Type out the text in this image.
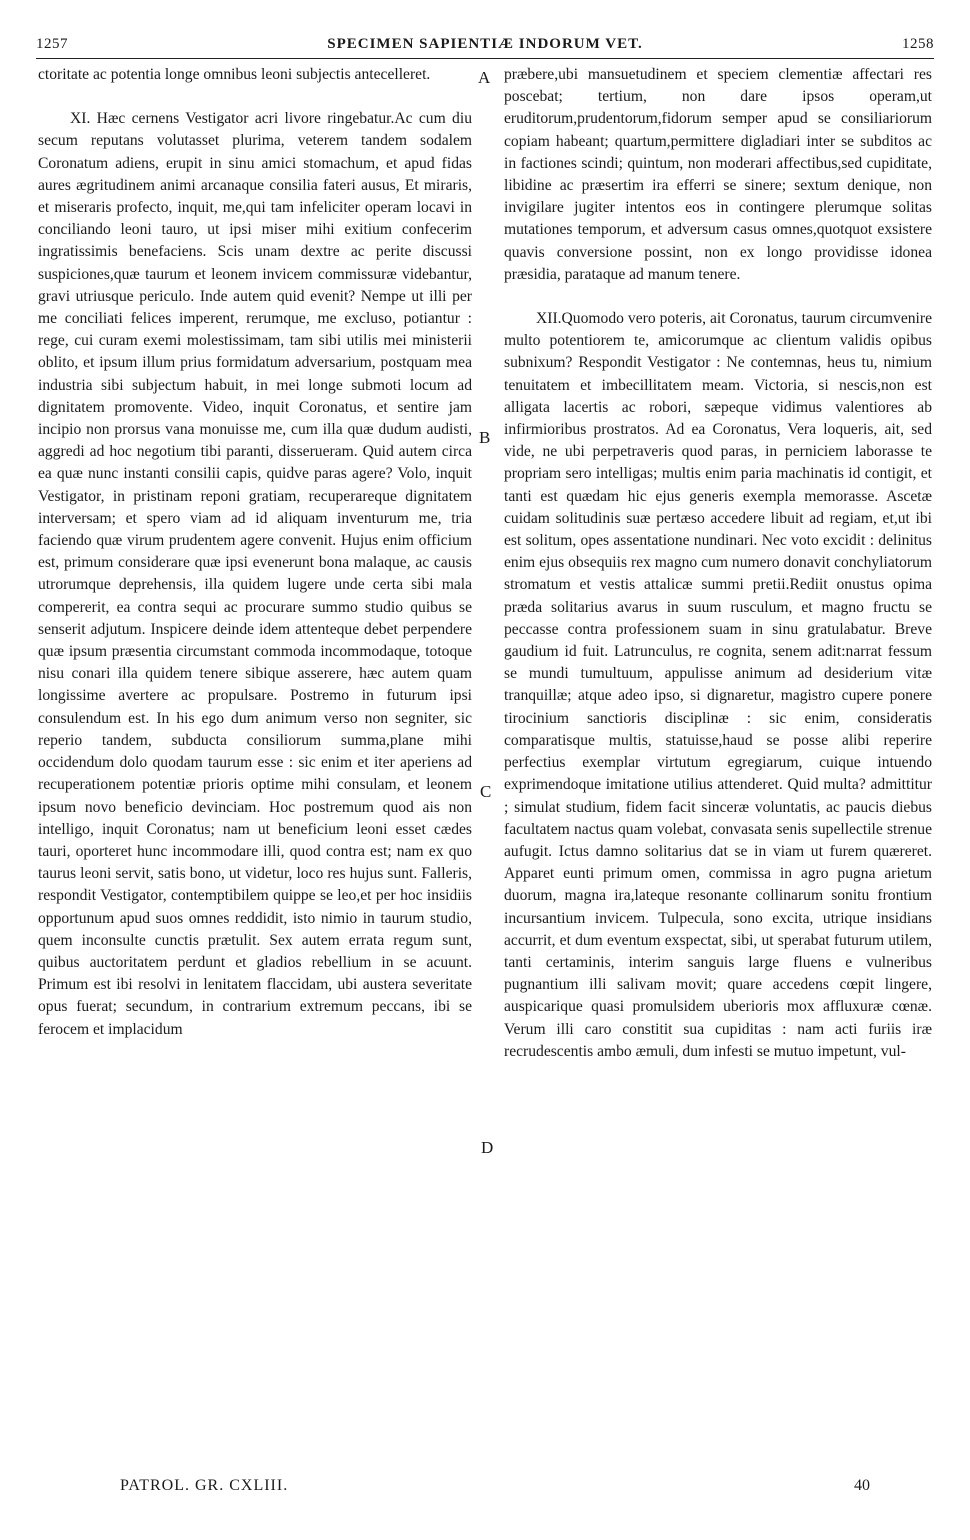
1257	SPECIMEN SAPIENTIÆ INDORUM VET.	1258

ctoritate ac potentia longe omnibus leoni subjectis antecelleret.

XI. Hæc cernens Vestigator acri livore ringebatur.Ac cum diu secum reputans volutasset plurima, veterem tandem sodalem Coronatum adiens, erupit in sinu amici stomachum, et apud fidas aures ægritudinem animi arcanaque consilia fateri ausus, Et miraris, et miseraris profecto, inquit, me,qui tam infeliciter operam locavi in conciliando leoni tauro, ut ipsi miser mihi exitium confecerim ingratissimis benefaciens. Scis unam dextre ac perite discussi suspiciones,quæ taurum et leonem invicem commissuræ videbantur, gravi utriusque periculo. Inde autem quid evenit? Nempe ut illi per me conciliati felices imperent, rerumque, me exclusо, potiantur : rege, cui curam exemi molestissimam, tam sibi utilis mei ministerii oblito, et ipsum illum prius formidatum adversarium, postquam mea industria sibi subjectum habuit, in mei longe submoti locum ad dignitatem promovente. Video, inquit Coronatus, et sentire jam incipio non prorsus vana monuisse me, cum illa quæ dudum audisti, aggredi ad hoc negotium tibi paranti, disserueram. Quid autem circa ea quæ nunc instanti consilii capis, quidve paras agere? Volo, inquit Vestigator, in pristinam reponi gratiam, recuperareque dignitatem interversam; et spero viam ad id aliquam inventurum me, tria faciendo quæ virum prudentem agere convenit. Hujus enim officium est, primum considerare quæ ipsi evenerunt bona malaque, ac causis utrorumque deprehensis, illa quidem lugere unde certa sibi mala compererit, ea contra sequi ac procurare summo studio quibus se senserit adjutum. Inspicere deinde idem attenteque debet perpendere quæ ipsum præsentia circumstant commoda incommodaque, totoque nisu conari illa quidem tenere sibique asserere, hæc autem quam longissime avertere ac propulsare. Postremo in futurum ipsi consulendum est. In his ego dum animum verso non segniter, sic reperio tandem, subducta consiliorum summa,plane mihi occidendum dolo quodam taurum esse : sic enim et iter aperiens ad recuperationem potentiæ prioris optime mihi consulam, et leonem ipsum novo beneficio devinciam. Hoc postremum quod ais non intelligo, inquit Coronatus; nam ut beneficium leoni esset cædes tauri, oporteret hunc incommodare illi, quod contra est; nam ex quo taurus leoni servit, satis bono, ut videtur, loco res hujus sunt. Falleris, respondit Vestigator, contemptibilem quippe se leo,et per hoc insidiis opportunum apud suos omnes reddidit, isto nimio in taurum studio, quem inconsulte cunctis prætulit. Sex autem errata regum sunt, quibus auctoritatem perdunt et gladios rebellium in se acuunt. Primum est ibi resolvi in lenitatem flaccidam, ubi austera severitate opus fuerat; secundum, in contrarium extremum peccans, ibi se ferocem et implacidum

præbere,ubi mansuetudinem et speciem clementiæ affectari res poscebat; tertium, non dare ipsos operam,ut eruditorum,prudentorum,fidorum semper apud se consiliariorum copiam habeant; quartum,permittere digladiari inter se subditos ac in factiones scindi; quintum, non moderari affectibus,sed cupiditate, libidine ac præsertim ira efferri se sinere; sextum denique, non invigilare jugiter intentos eos in contingere plerumque solitas mutationes temporum, et adversum casus omnes,quotquot exsistere quavis conversione possint, non ex longo providisse idonea præsidia, parataque ad manum tenere.

XII.Quomodo vero poteris, ait Coronatus, taurum circumvenire multo potentiorem te, amicorumque ac clientum validis opibus subnixum? Respondit Vestigator : Ne contemnas, heus tu, nimium tenuitatem et imbecillitatem meam. Victoria, si nescis,non est alligata lacertis ac robori, sæpeque vidimus valentiores ab infirmioribus prostratos. Ad ea Coronatus, Vera loqueris, ait, sed vide, ne ubi perpetraveris quod paras, in perniciem laborasse te propriam sero intelligas; multis enim paria machinatis id contigit, et tanti est quædam hic ejus generis exempla memorasse. Ascetæ cuidam solitudinis suæ pertæso accedere libuit ad regiam, et,ut ibi est solitum, opes assentatione nundinari. Nec voto excidit : delinitus enim ejus obsequiis rex magno cum numero donavit conchyliatorum stromatum et vestis attalicæ summi pretii.Rediit onustus opima præda solitarius avarus in suum rusculum, et magno fructu se peccasse contra professionem suam in sinu gratulabatur. Breve gaudium id fuit. Latrunculus, re cognita, senem adit:narrat fessum se mundi tumultuum, appulisse animum ad desiderium vitæ tranquillæ; atque adeo ipso, si dignaretur, magistro cupere ponere tirocinium sanctioris disciplinæ : sic enim, consideratis comparatisque multis, statuisse,haud se posse alibi reperire perfectius exemplar virtutum egregiarum, cuique intuendo exprimendoque imitatione utilius attenderet. Quid multa? admittitur ; simulat studium, fidem facit sinceræ voluntatis, ac paucis diebus facultatem nactus quam volebat, convasata senis supellectile strenue aufugit. Ictus damno solitarius dat se in viam ut furem quæreret. Apparet eunti primum omen, commissa in agro pugna arietum duorum, magna ira,lateque resonante collinarum sonitu frontium incursantium invicem. Tulpecula, sono excita, utrique insidians accurrit, et dum eventum exspectat, sibi, ut sperabat futurum utilem, tanti certaminis, interim sanguis large fluens e vulneribus pugnantium illi salivam movit; quare accedens cœpit lingere, auspicarique quasi promulsidem uberioris mox affluxuræ cœnæ. Verum illi caro constitit sua cupiditas : nam acti furiis iræ recrudescentis ambo æmuli, dum infesti se mutuo impetunt, vul-

A
B
C
D
PATROL. GR. CXLIII.	40
